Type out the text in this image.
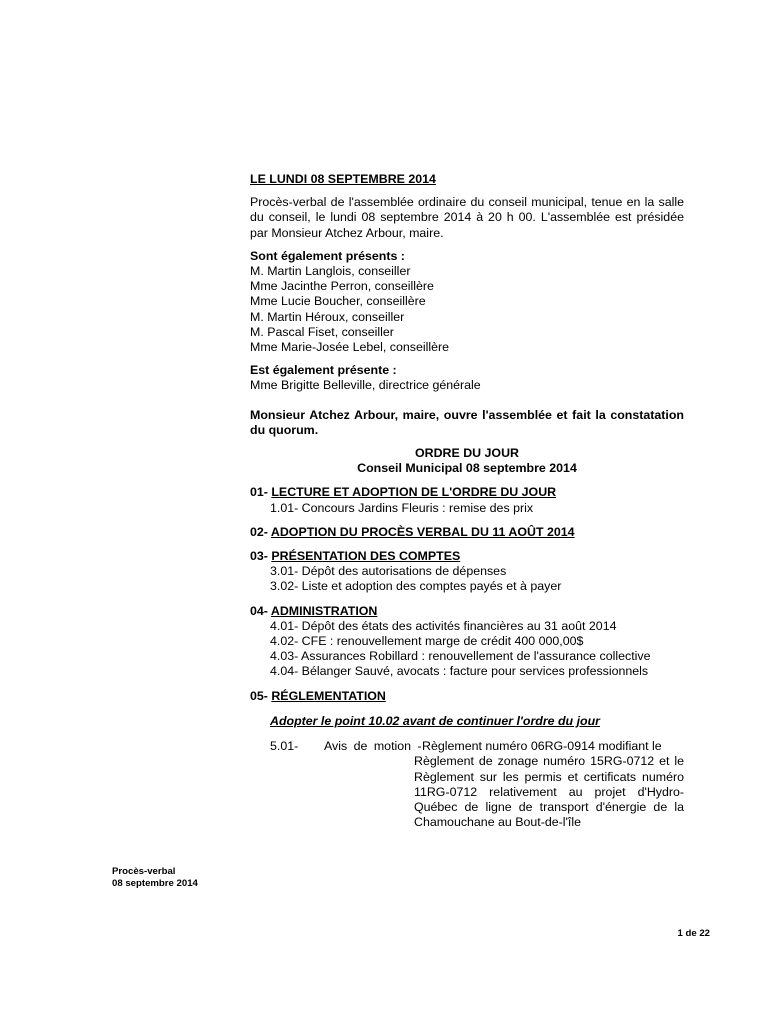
LE LUNDI 08 SEPTEMBRE 2014
Procès-verbal de l'assemblée ordinaire du conseil municipal, tenue en la salle du conseil, le lundi 08 septembre 2014 à 20 h 00. L'assemblée est présidée par Monsieur Atchez Arbour, maire.
Sont également présents :
M. Martin Langlois, conseiller
Mme Jacinthe Perron, conseillère
Mme Lucie Boucher, conseillère
M. Martin Héroux, conseiller
M. Pascal Fiset, conseiller
Mme Marie-Josée Lebel, conseillère
Est également présente :
Mme Brigitte Belleville, directrice générale
Monsieur Atchez Arbour, maire, ouvre l'assemblée et fait la constatation du quorum.
ORDRE DU JOUR
Conseil Municipal 08 septembre 2014
01- LECTURE ET ADOPTION DE L'ORDRE DU JOUR
1.01- Concours Jardins Fleuris : remise des prix
02- ADOPTION DU PROCÈS VERBAL DU 11 AOÛT 2014
03- PRÉSENTATION DES COMPTES
3.01- Dépôt des autorisations de dépenses
3.02- Liste et adoption des comptes payés et à payer
04- ADMINISTRATION
4.01- Dépôt des états des activités financières au 31 août 2014
4.02- CFE : renouvellement marge de crédit 400 000,00$
4.03- Assurances Robillard : renouvellement de l'assurance collective
4.04- Bélanger Sauvé, avocats : facture pour services professionnels
05- RÉGLEMENTATION
Adopter le point 10.02 avant de continuer l'ordre du jour
5.01-	Avis de motion - Règlement numéro 06RG-0914 modifiant le
Règlement de zonage numéro 15RG-0712 et le Règlement sur les permis et certificats numéro 11RG-0712 relativement au projet d'Hydro-Québec de ligne de transport d'énergie de la Chamouchane au Bout-de-l'île
Procès-verbal
08 septembre 2014
1 de 22
